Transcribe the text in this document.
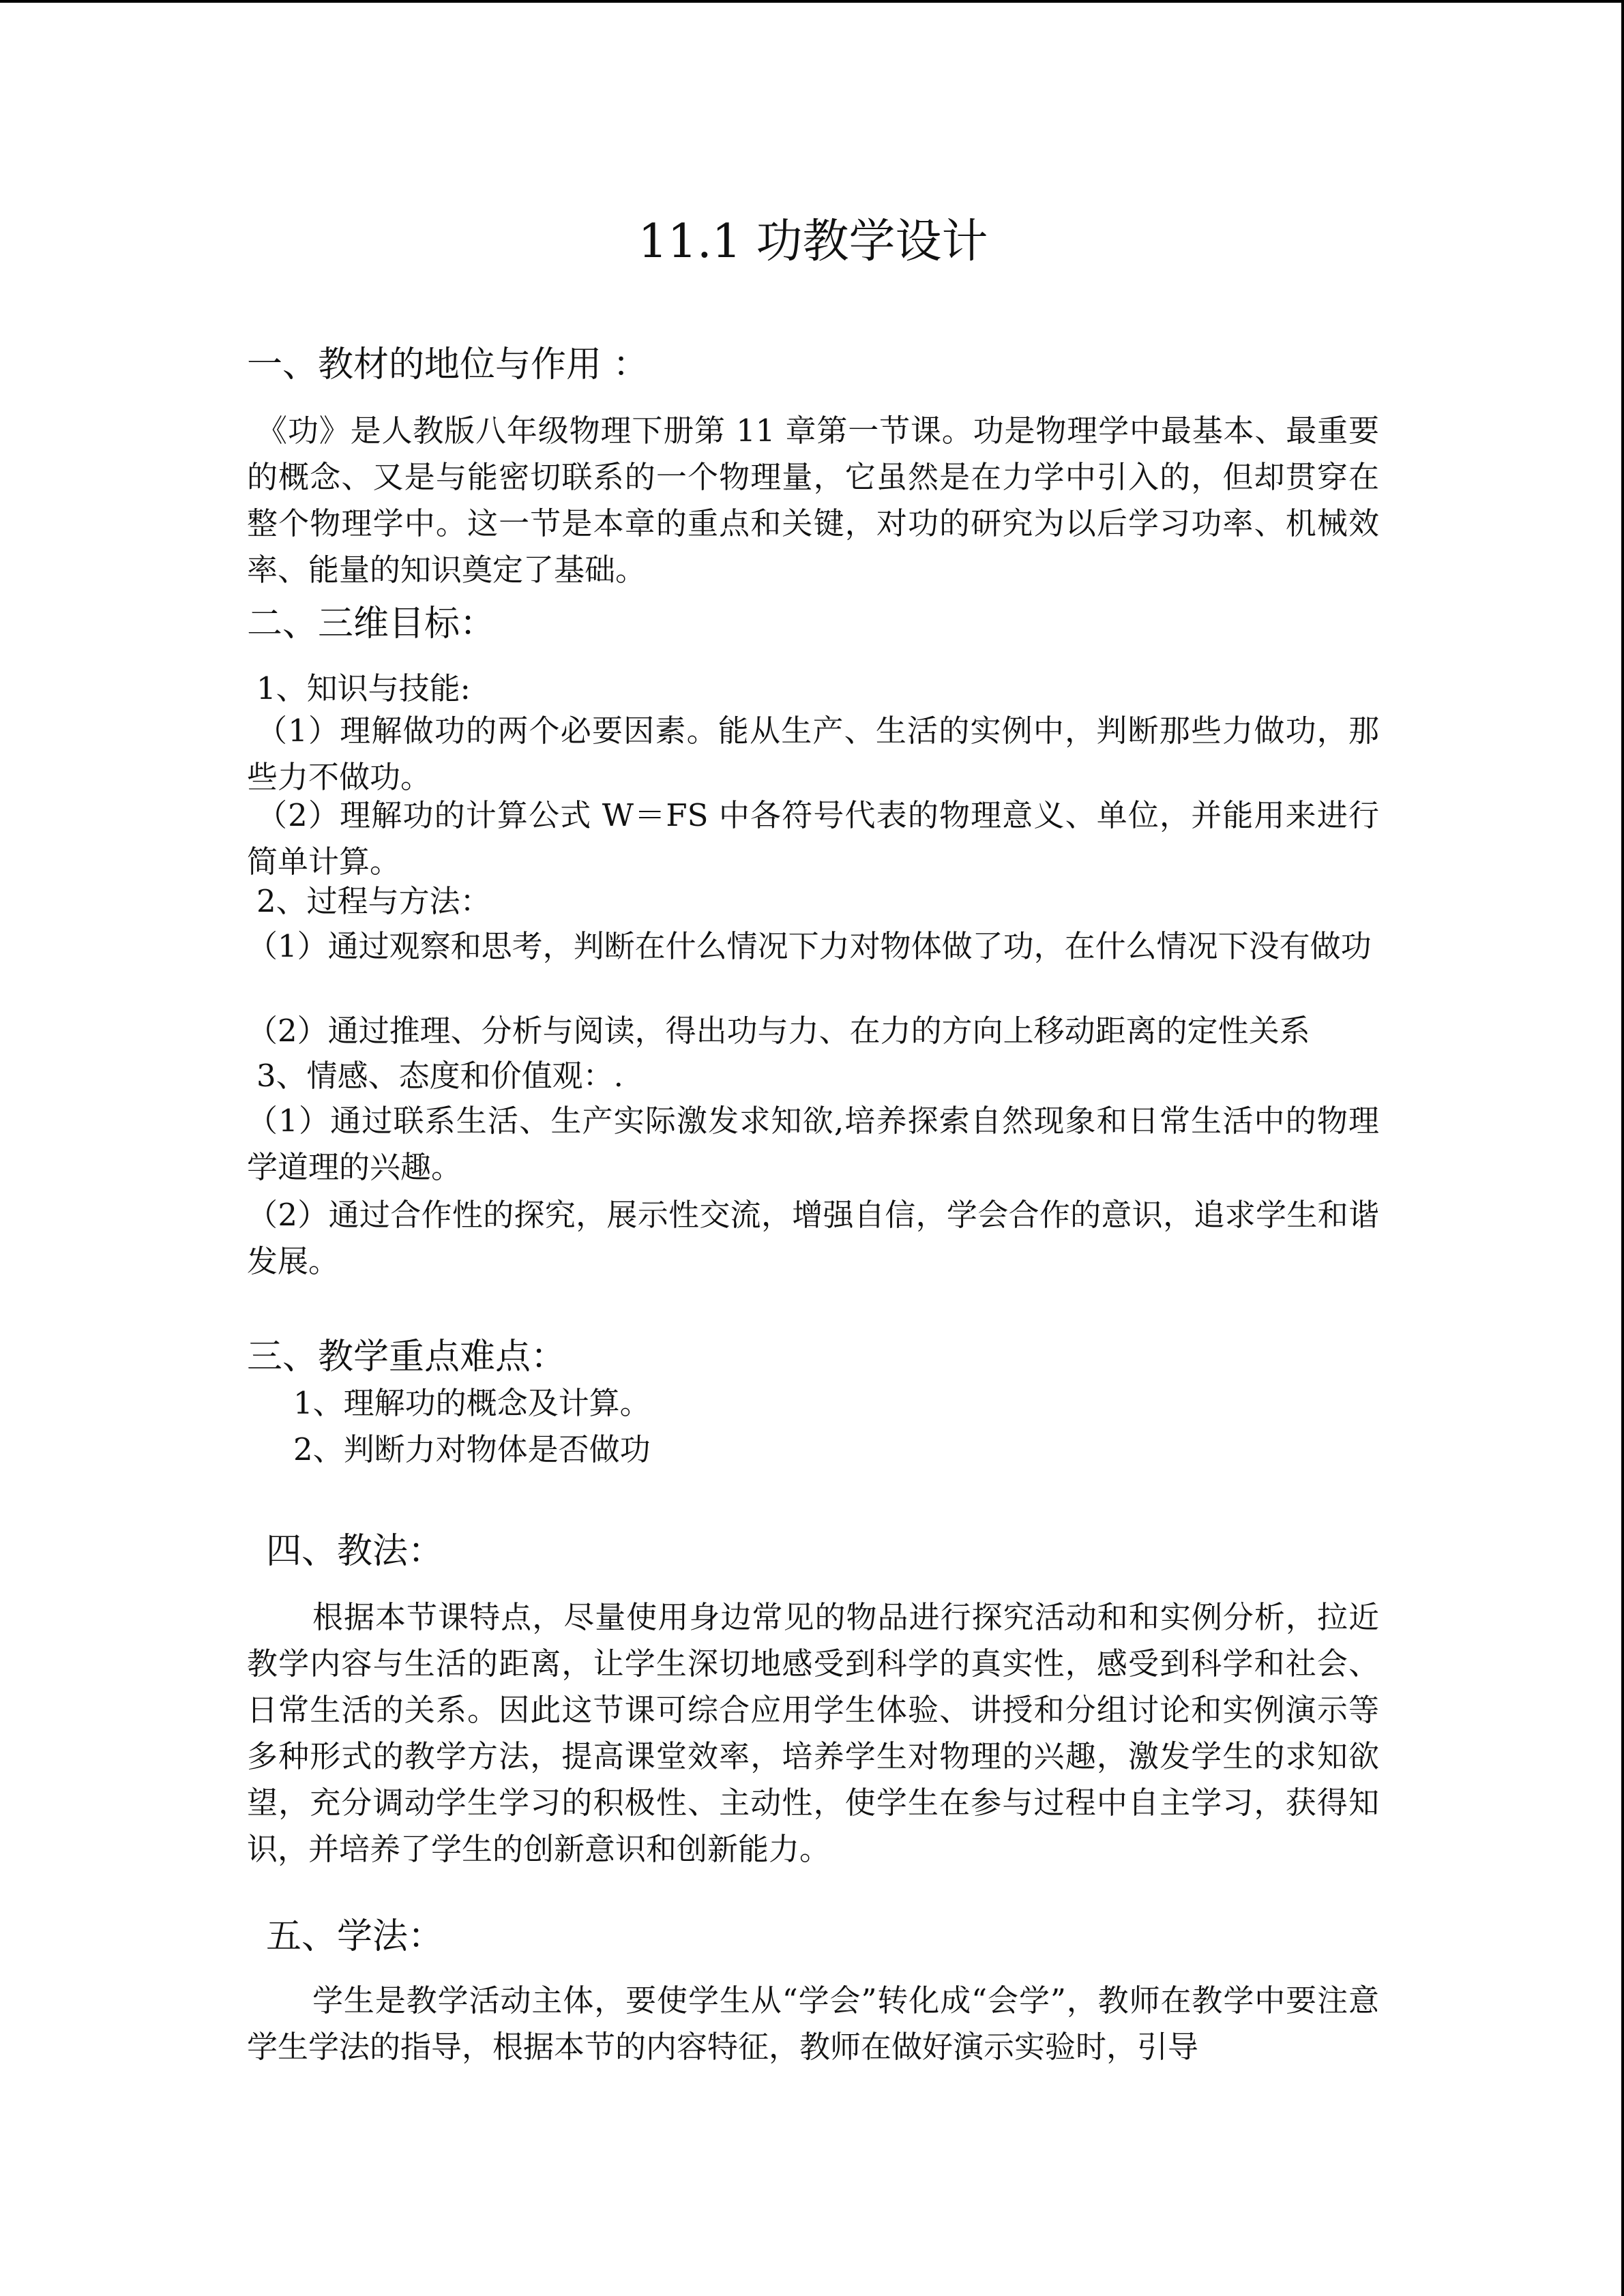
11.1 功教学设计
一、教材的地位与作用 ：

《功》是人教版八年级物理下册第 11 章第一节课。功是物理学中最基本、最重要的概念、又是与能密切联系的一个物理量，它虽然是在力学中引入的，但却贯穿在整个物理学中。这一节是本章的重点和关键，对功的研究为以后学习功率、机械效率、能量的知识奠定了基础。

二、三维目标：

1、知识与技能:

（1）理解做功的两个必要因素。能从生产、生活的实例中，判断那些力做功，那些力不做功。

（2）理解功的计算公式 W＝FS 中各符号代表的物理意义、单位，并能用来进行简单计算。

2、过程与方法：

（1）通过观察和思考，判断在什么情况下力对物体做了功，在什么情况下没有做功

（2）通过推理、分析与阅读，得出功与力、在力的方向上移动距离的定性关系

3、情感、态度和价值观：.

（1）通过联系生活、生产实际激发求知欲,培养探索自然现象和日常生活中的物理学道理的兴趣。

（2）通过合作性的探究，展示性交流，增强自信，学会合作的意识，追求学生和谐发展。

三、教学重点难点：

1、理解功的概念及计算。

2、判断力对物体是否做功

四、教法：

根据本节课特点，尽量使用身边常见的物品进行探究活动和和实例分析，拉近教学内容与生活的距离，让学生深切地感受到科学的真实性，感受到科学和社会、日常生活的关系。因此这节课可综合应用学生体验、讲授和分组讨论和实例演示等多种形式的教学方法，提高课堂效率，培养学生对物理的兴趣，激发学生的求知欲望，充分调动学生学习的积极性、主动性，使学生在参与过程中自主学习，获得知识，并培养了学生的创新意识和创新能力。

五、学法：

学生是教学活动主体，要使学生从“学会”转化成“会学”，教师在教学中要注意学生学法的指导，根据本节的内容特征，教师在做好演示实验时，引导
